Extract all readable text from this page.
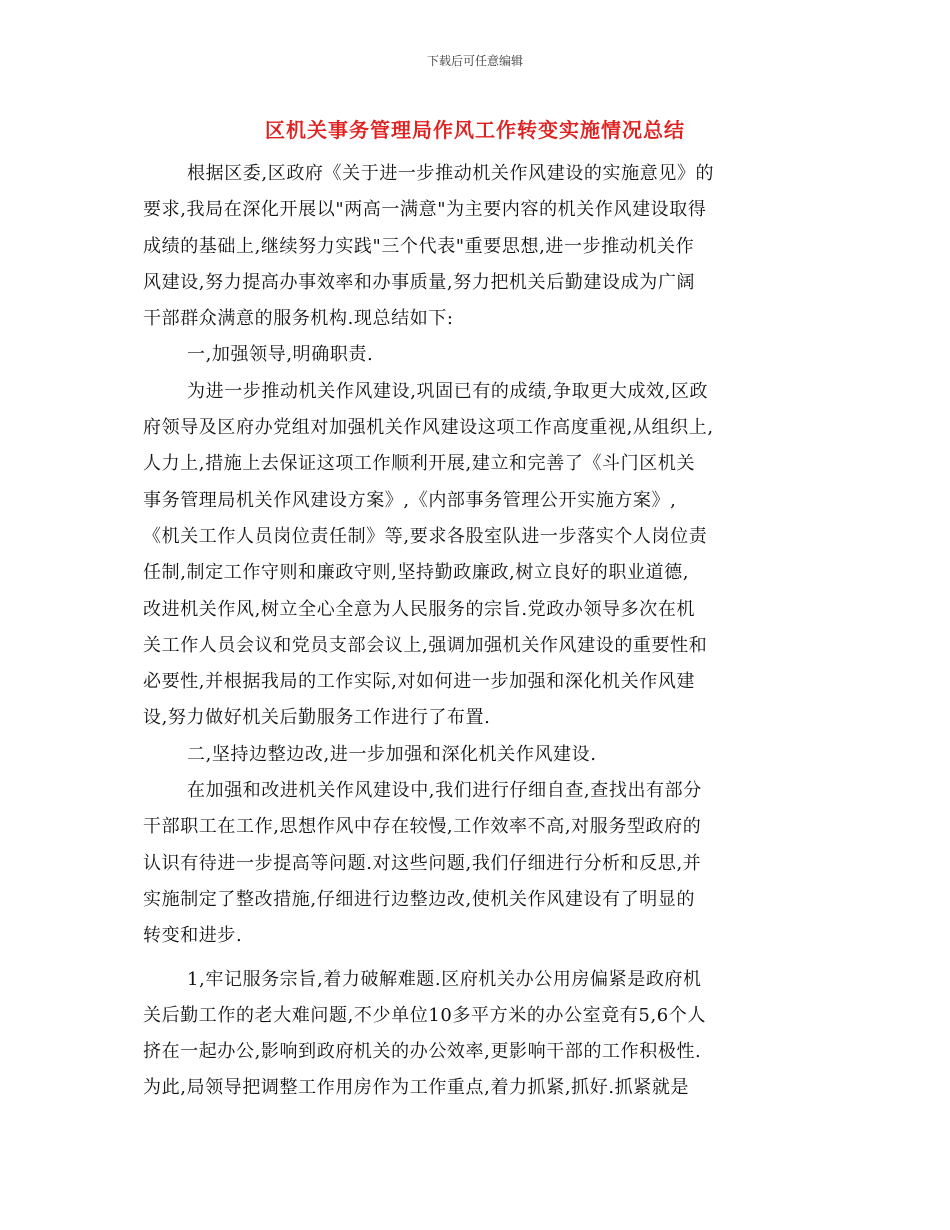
下载后可任意编辑
区机关事务管理局作风工作转变实施情况总结

根据区委,区政府《关于进一步推动机关作风建设的实施意见》的

要求,我局在深化开展以"两高一满意"为主要内容的机关作风建设取得

成绩的基础上,继续努力实践"三个代表"重要思想,进一步推动机关作

风建设,努力提高办事效率和办事质量,努力把机关后勤建设成为广阔

干部群众满意的服务机构.现总结如下:

一,加强领导,明确职责.

为进一步推动机关作风建设,巩固已有的成绩,争取更大成效,区政

府领导及区府办党组对加强机关作风建设这项工作高度重视,从组织上,

人力上,措施上去保证这项工作顺利开展,建立和完善了《斗门区机关

事务管理局机关作风建设方案》,《内部事务管理公开实施方案》,

《机关工作人员岗位责任制》等,要求各股室队进一步落实个人岗位责

任制,制定工作守则和廉政守则,坚持勤政廉政,树立良好的职业道德,

改进机关作风,树立全心全意为人民服务的宗旨.党政办领导多次在机

关工作人员会议和党员支部会议上,强调加强机关作风建设的重要性和

必要性,并根据我局的工作实际,对如何进一步加强和深化机关作风建

设,努力做好机关后勤服务工作进行了布置.

二,坚持边整边改,进一步加强和深化机关作风建设.

在加强和改进机关作风建设中,我们进行仔细自查,查找出有部分

干部职工在工作,思想作风中存在较慢,工作效率不高,对服务型政府的

认识有待进一步提高等问题.对这些问题,我们仔细进行分析和反思,并

实施制定了整改措施,仔细进行边整边改,使机关作风建设有了明显的

转变和进步.

1,牢记服务宗旨,着力破解难题.区府机关办公用房偏紧是政府机

关后勤工作的老大难问题,不少单位10多平方米的办公室竟有5,6个人

挤在一起办公,影响到政府机关的办公效率,更影响干部的工作积极性.

为此,局领导把调整工作用房作为工作重点,着力抓紧,抓好.抓紧就是
